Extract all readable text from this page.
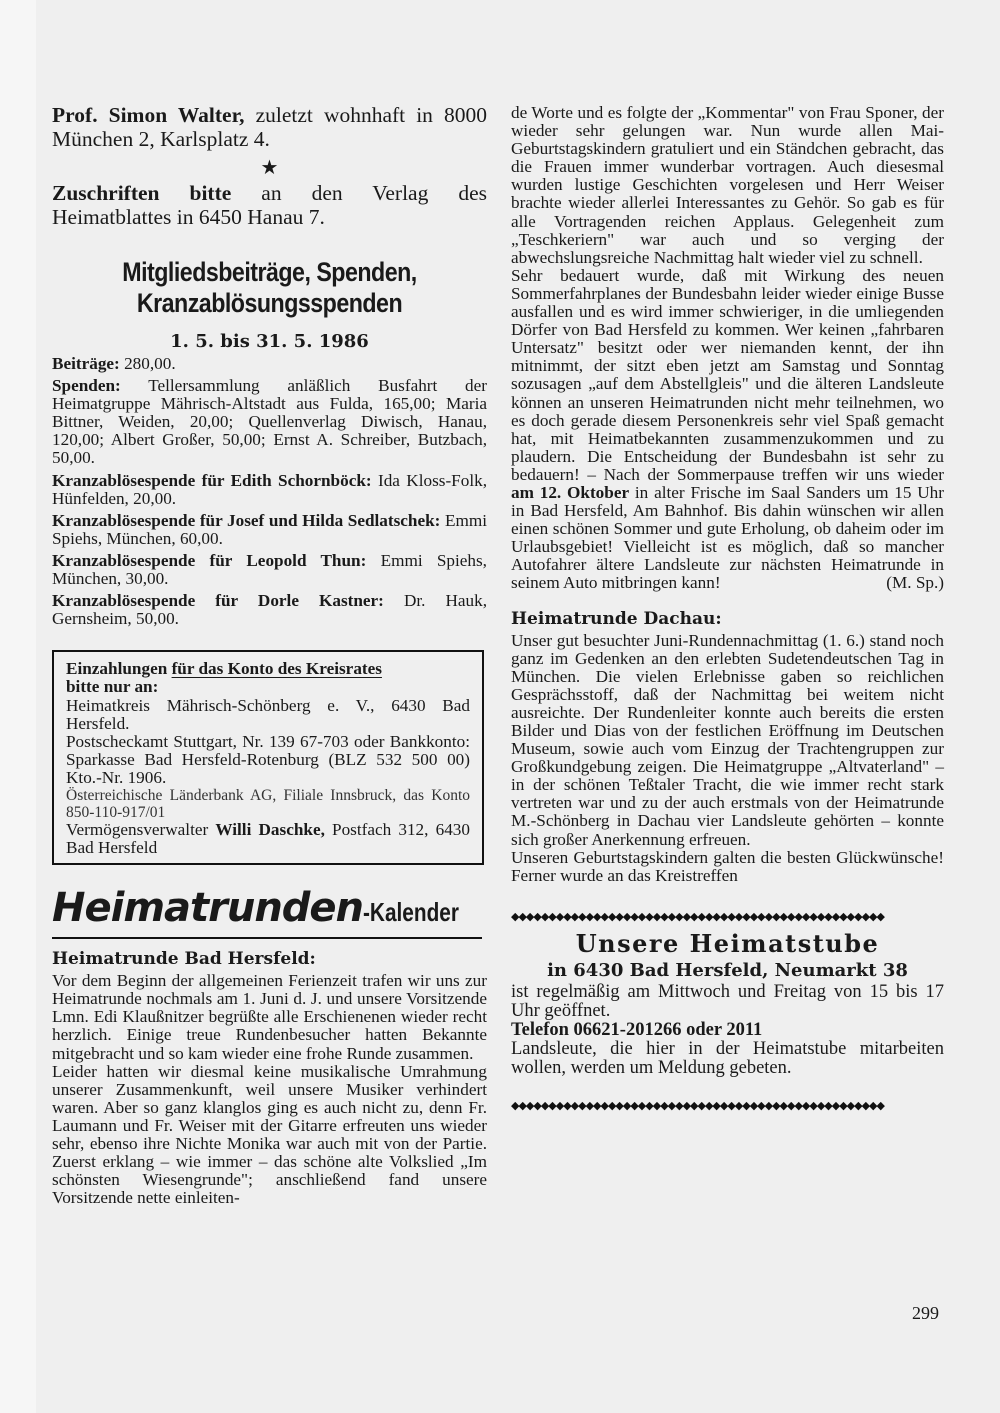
Prof. Simon Walter, zuletzt wohnhaft in 8000 München 2, Karlsplatz 4.

★

Zuschriften bitte an den Verlag des Heimatblattes in 6450 Hanau 7.

Mitgliedsbeiträge, Spenden,
Kranzablösungsspenden
1. 5. bis 31. 5. 1986

Beiträge: 280,00.

Spenden: Tellersammlung anläßlich Busfahrt der Heimatgruppe Mährisch-Altstadt aus Fulda, 165,00; Maria Bittner, Weiden, 20,00; Quellenverlag Diwisch, Hanau, 120,00; Albert Großer, 50,00; Ernst A. Schreiber, Butzbach, 50,00.

Kranzablösespende für Edith Schornböck: Ida Kloss-Folk, Hünfelden, 20,00.

Kranzablösespende für Josef und Hilda Sedlatschek: Emmi Spiehs, München, 60,00.

Kranzablösespende für Leopold Thun: Emmi Spiehs, München, 30,00.

Kranzablösespende für Dorle Kastner: Dr. Hauk, Gernsheim, 50,00.

Einzahlungen für das Konto des Kreisrates

bitte nur an:

Heimatkreis Mährisch-Schönberg e. V., 6430 Bad Hersfeld.

Postscheckamt Stuttgart, Nr. 139 67-703 oder Bankkonto: Sparkasse Bad Hersfeld-Rotenburg (BLZ 532 500 00) Kto.-Nr. 1906.

Österreichische Länderbank AG, Filiale Innsbruck, das Konto 850-110-917/01

Vermögensverwalter Willi Daschke, Postfach 312, 6430 Bad Hersfeld

Heimatrunden-Kalender
Heimatrunde Bad Hersfeld:

Vor dem Beginn der allgemeinen Ferienzeit trafen wir uns zur Heimatrunde nochmals am 1. Juni d. J. und unsere Vorsitzende Lmn. Edi Klaußnitzer begrüßte alle Erschienenen wieder recht herzlich. Einige treue Rundenbesucher hatten Bekannte mitgebracht und so kam wieder eine frohe Runde zusammen.

Leider hatten wir diesmal keine musikalische Umrahmung unserer Zusammenkunft, weil unsere Musiker verhindert waren. Aber so ganz klanglos ging es auch nicht zu, denn Fr. Laumann und Fr. Weiser mit der Gitarre erfreuten uns wieder sehr, ebenso ihre Nichte Monika war auch mit von der Partie. Zuerst erklang – wie immer – das schöne alte Volkslied „Im schönsten Wiesengrunde"; anschließend fand unsere Vorsitzende nette einleiten-

de Worte und es folgte der „Kommentar" von Frau Sponer, der wieder sehr gelungen war. Nun wurde allen Mai-Geburtstagskindern gratuliert und ein Ständchen gebracht, das die Frauen immer wunderbar vortragen. Auch diesesmal wurden lustige Geschichten vorgelesen und Herr Weiser brachte wieder allerlei Interessantes zu Gehör. So gab es für alle Vortragenden reichen Applaus. Gelegenheit zum „Teschkeriern" war auch und so verging der abwechslungsreiche Nachmittag halt wieder viel zu schnell.

Sehr bedauert wurde, daß mit Wirkung des neuen Sommerfahrplanes der Bundesbahn leider wieder einige Busse ausfallen und es wird immer schwieriger, in die umliegenden Dörfer von Bad Hersfeld zu kommen. Wer keinen „fahrbaren Untersatz" besitzt oder wer niemanden kennt, der ihn mitnimmt, der sitzt eben jetzt am Samstag und Sonntag sozusagen „auf dem Abstellgleis" und die älteren Landsleute können an unseren Heimatrunden nicht mehr teilnehmen, wo es doch gerade diesem Personenkreis sehr viel Spaß gemacht hat, mit Heimatbekannten zusammenzukommen und zu plaudern. Die Entscheidung der Bundesbahn ist sehr zu bedauern! – Nach der Sommerpause treffen wir uns wieder am 12. Oktober in alter Frische im Saal Sanders um 15 Uhr in Bad Hersfeld, Am Bahnhof. Bis dahin wünschen wir allen einen schönen Sommer und gute Erholung, ob daheim oder im Urlaubsgebiet! Vielleicht ist es möglich, daß so mancher Autofahrer ältere Landsleute zur nächsten Heimatrunde in seinem Auto mitbringen kann!	(M. Sp.)

Heimatrunde Dachau:

Unser gut besuchter Juni-Rundennachmittag (1. 6.) stand noch ganz im Gedenken an den erlebten Sudetendeutschen Tag in München. Die vielen Erlebnisse gaben so reichlichen Gesprächsstoff, daß der Nachmittag bei weitem nicht ausreichte. Der Rundenleiter konnte auch bereits die ersten Bilder und Dias von der festlichen Eröffnung im Deutschen Museum, sowie auch vom Einzug der Trachtengruppen zur Großkundgebung zeigen. Die Heimatgruppe „Altvaterland" – in der schönen Teßtaler Tracht, die wie immer recht stark vertreten war und zu der auch erstmals von der Heimatrunde M.-Schönberg in Dachau vier Landsleute gehörten – konnte sich großer Anerkennung erfreuen.

Unseren Geburtstagskindern galten die besten Glückwünsche! Ferner wurde an das Kreistreffen

◆◆◆◆◆◆◆◆◆◆◆◆◆◆◆◆◆◆◆◆◆◆◆◆◆◆◆◆◆◆◆◆◆◆◆◆◆◆◆◆◆◆◆◆◆◆◆◆◆◆
Unsere Heimatstube
in 6430 Bad Hersfeld, Neumarkt 38

ist regelmäßig am Mittwoch und Freitag von 15 bis 17 Uhr geöffnet.

Telefon 06621-201266 oder 2011

Landsleute, die hier in der Heimatstube mitarbeiten wollen, werden um Meldung gebeten.

◆◆◆◆◆◆◆◆◆◆◆◆◆◆◆◆◆◆◆◆◆◆◆◆◆◆◆◆◆◆◆◆◆◆◆◆◆◆◆◆◆◆◆◆◆◆◆◆◆◆
299
